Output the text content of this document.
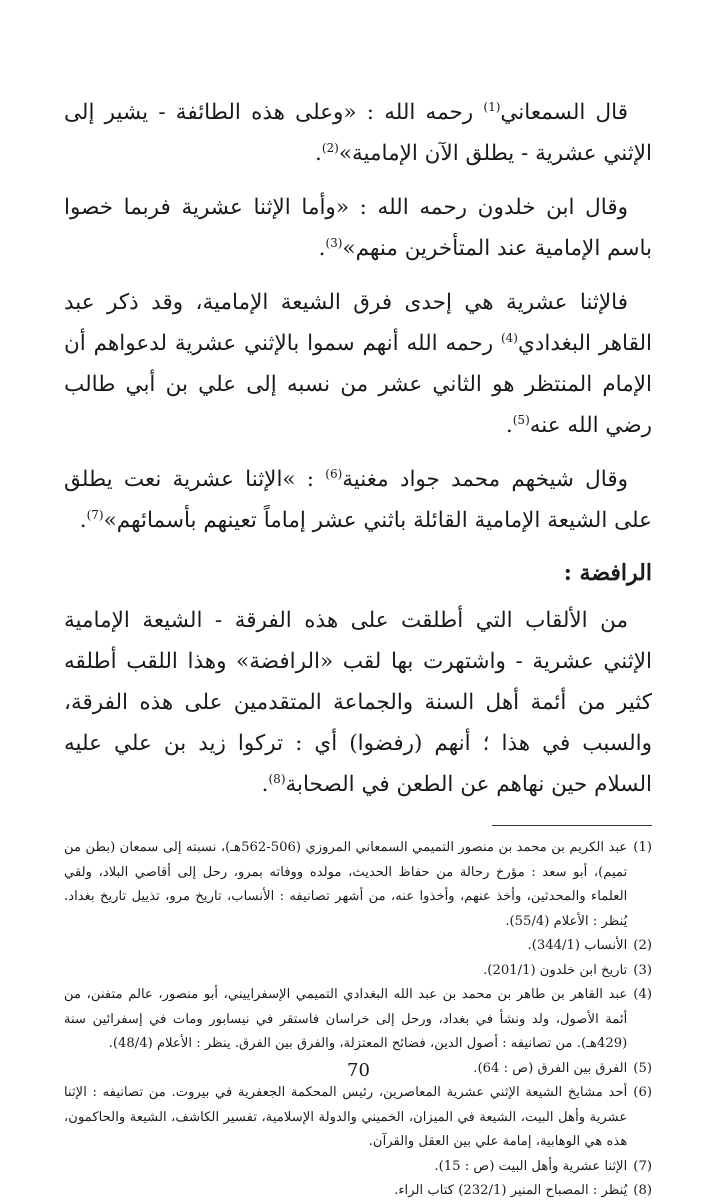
قال السمعاني$^{(1)}$ رحمه الله : «وعلى هذه الطائفة - يشير إلى الإثني عشرية - يطلق الآن الإمامية»$^{(2)}$.

وقال ابن خلدون رحمه الله : «وأما الإثنا عشرية فربما خصوا باسم الإمامية عند المتأخرين منهم»$^{(3)}$.

فالإثنا عشرية هي إحدى فرق الشيعة الإمامية، وقد ذكر عبد القاهر البغدادي$^{(4)}$ رحمه الله أنهم سموا بالإثني عشرية لدعواهم أن الإمام المنتظر هو الثاني عشر من نسبه إلى علي بن أبي طالب رضي الله عنه$^{(5)}$.

وقال شيخهم محمد جواد مغنية$^{(6)}$ : »الإثنا عشرية نعت يطلق على الشيعة الإمامية القائلة باثني عشر إماماً تعينهم بأسمائهم»$^{(7)}$.

الرافضة :

من الألقاب التي أطلقت على هذه الفرقة - الشيعة الإمامية الإثني عشرية - واشتهرت بها لقب «الرافضة» وهذا اللقب أطلقه كثير من أئمة أهل السنة والجماعة المتقدمين على هذه الفرقة، والسبب في هذا ؛ أنهم (رفضوا) أي : تركوا زيد بن علي عليه السلام حين نهاهم عن الطعن في الصحابة$^{(8)}$.

(1)
عبد الكريم بن محمد بن منصور التميمي السمعاني المروزي (506-562هـ)، نسبته إلى سمعان (بطن من تميم)، أبو سعد : مؤرخ رحالة من حفاظ الحديث، مولده ووفاته بمرو، رحل إلى أقاصي البلاد، ولقي العلماء والمحدثين، وأخذ عنهم، وأخذوا عنه، من أشهر تصانيفه : الأنساب، تاريخ مرو، تذييل تاريخ بغداد. يُنظر : الأعلام (55/4).
(2)
الأنساب (344/1).
(3)
تاريخ ابن خلدون (201/1).
(4)
عبد القاهر بن طاهر بن محمد بن عبد الله البغدادي التميمي الإسفراييني، أبو منصور، عالم متفنن، من أئمة الأصول، ولد ونشأ في بغداد، ورحل إلى خراسان فاستقر في نيسابور ومات في إسفرائين سنة (429هـ). من تصانيفه : أصول الدين، فضائح المعتزلة، والفرق بين الفرق. ينظر : الأعلام (48/4).
(5)
الفرق بين الفرق (ص : 64).
(6)
أحد مشايخ الشيعة الإثني عشرية المعاصرين، رئيس المحكمة الجعفرية في بيروت. من تصانيفه : الإثنا عشرية وأهل البيت، الشيعة في الميزان، الخميني والدولة الإسلامية، تفسير الكاشف، الشيعة والحاكمون، هذه هي الوهابية، إمامة علي بين العقل والقرآن.
(7)
الإثنا عشرية وأهل البيت (ص : 15).
(8)
يُنظر : المصباح المنير (232/1) كتاب الراء.
70
